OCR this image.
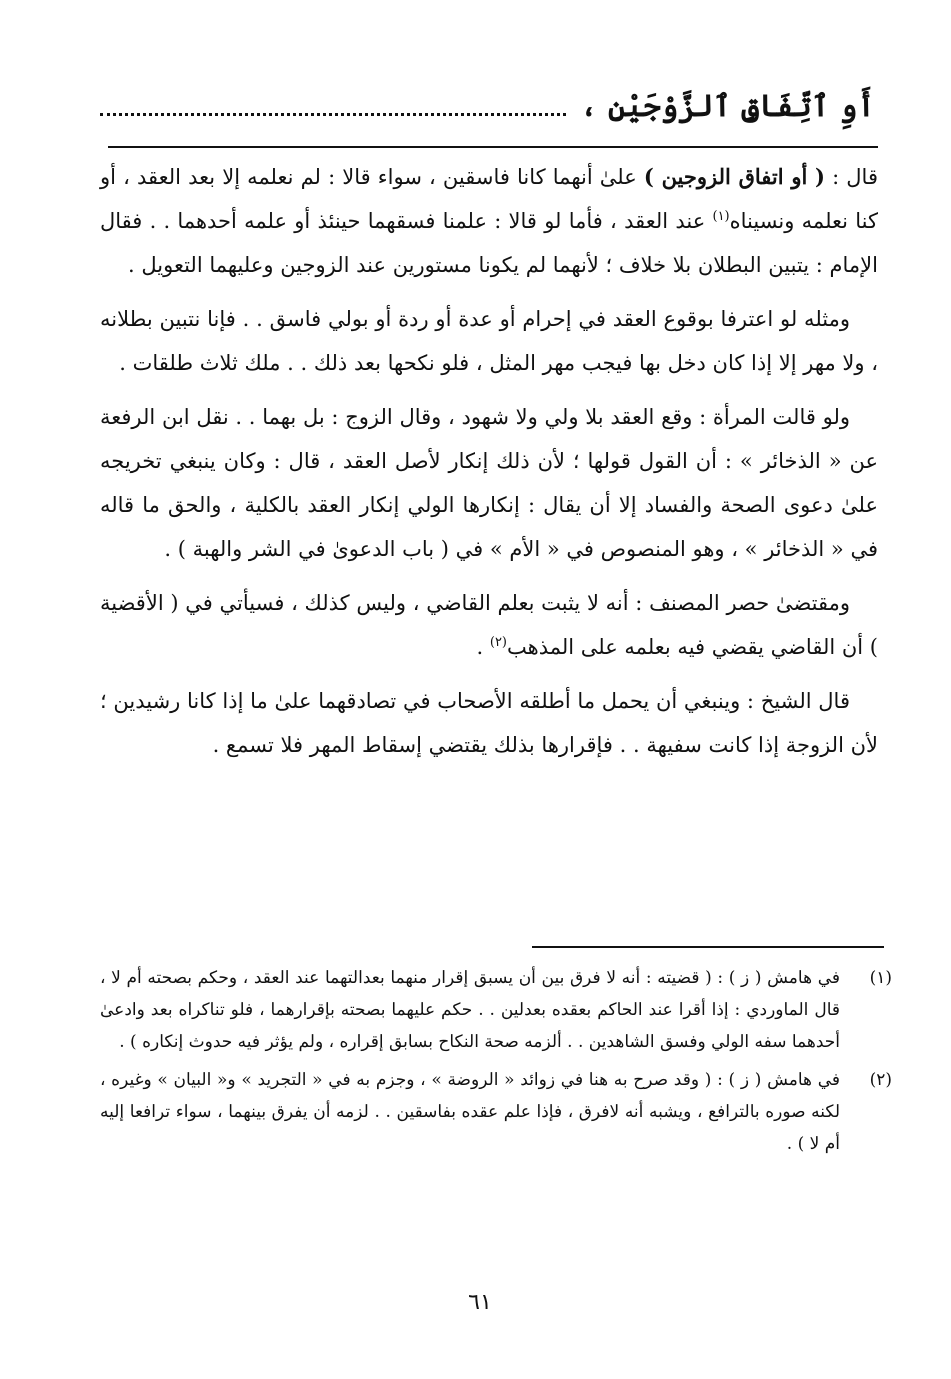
أَوِ ٱتِّفَاقِ ٱلزَّوْجَيْنِ ،

قال : ( أو اتفاق الزوجين ) علىٰ أنهما كانا فاسقين ، سواء قالا : لم نعلمه إلا بعد العقد ، أو كنا نعلمه ونسيناه$^{(١)}$ عند العقد ، فأما لو قالا : علمنا فسقهما حينئذ أو علمه أحدهما . . فقال الإمام : يتبين البطلان بلا خلاف ؛ لأنهما لم يكونا مستورين عند الزوجين وعليهما التعويل .

ومثله لو اعترفا بوقوع العقد في إحرام أو عدة أو ردة أو بولي فاسق . . فإنا نتبين بطلانه ، ولا مهر إلا إذا كان دخل بها فيجب مهر المثل ، فلو نكحها بعد ذلك . . ملك ثلاث طلقات .

ولو قالت المرأة : وقع العقد بلا ولي ولا شهود ، وقال الزوج : بل بهما . . نقل ابن الرفعة عن « الذخائر » : أن القول قولها ؛ لأن ذلك إنكار لأصل العقد ، قال : وكان ينبغي تخريجه علىٰ دعوى الصحة والفساد إلا أن يقال : إنكارها الولي إنكار العقد بالكلية ، والحق ما قاله في « الذخائر » ، وهو المنصوص في « الأم » في ( باب الدعوىٰ في الشر والهبة ) .

ومقتضىٰ حصر المصنف : أنه لا يثبت بعلم القاضي ، وليس كذلك ، فسيأتي في ( الأقضية ) أن القاضي يقضي فيه بعلمه على المذهب$^{(٢)}$ .

قال الشيخ : وينبغي أن يحمل ما أطلقه الأصحاب في تصادقهما علىٰ ما إذا كانا رشيدين ؛ لأن الزوجة إذا كانت سفيهة . . فإقرارها بذلك يقتضي إسقاط المهر فلا تسمع .

(١)
في هامش ( ز ) : ( قضيته : أنه لا فرق بين أن يسبق إقرار منهما بعدالتهما عند العقد ، وحكم بصحته أم لا ، قال الماوردي : إذا أقرا عند الحاكم بعقده بعدلين . . حكم عليهما بصحته بإقرارهما ، فلو تناكراه بعد وادعىٰ أحدهما سفه الولي وفسق الشاهدين . . ألزمه صحة النكاح بسابق إقراره ، ولم يؤثر فيه حدوث إنكاره ) .
(٢)
في هامش ( ز ) : ( وقد صرح به هنا في زوائد « الروضة » ، وجزم به في « التجريد » و« البيان » وغيره ، لكنه صوره بالترافع ، ويشبه أنه لافرق ، فإذا علم عقده بفاسقين . . لزمه أن يفرق بينهما ، سواء ترافعا إليه أم لا ) .
٦١
